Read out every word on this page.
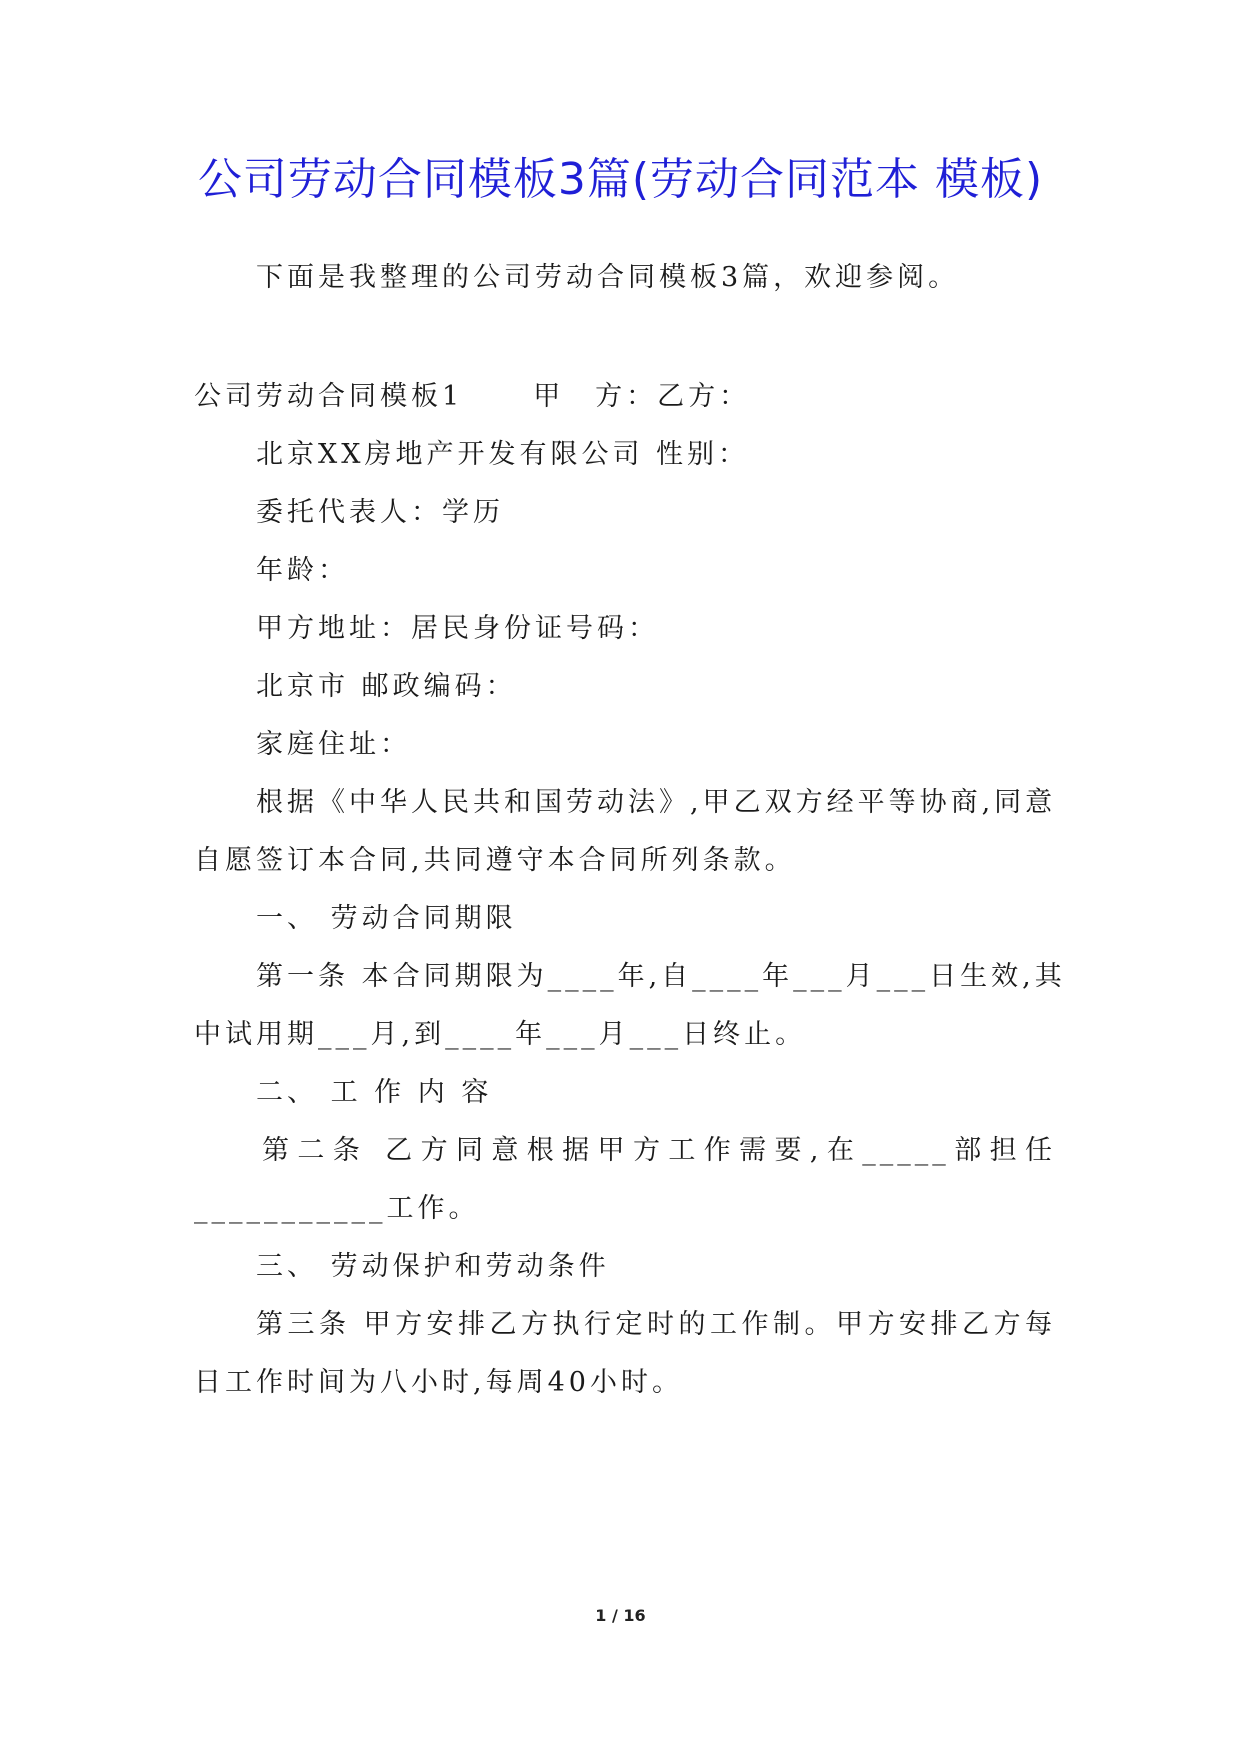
公司劳动合同模板3篇(劳动合同范本 模板)
下面是我整理的公司劳动合同模板3篇，欢迎参阅。
公司劳动合同模板1	甲　方：乙方：
北京XX房地产开发有限公司 性别：
委托代表人：学历
年龄：
甲方地址：居民身份证号码：
北京市 邮政编码：
家庭住址：
根据《中华人民共和国劳动法》,甲乙双方经平等协商,同意
自愿签订本合同,共同遵守本合同所列条款。
一、 劳动合同期限
第一条 本合同期限为____年,自____年___月___日生效,其
中试用期___月,到____年___月___日终止。
二、 工 作 内 容
第二条 乙方同意根据甲方工作需要,在_____部担任
___________工作。
三、 劳动保护和劳动条件
第三条 甲方安排乙方执行定时的工作制。甲方安排乙方每
日工作时间为八小时,每周40小时。
1 / 16
